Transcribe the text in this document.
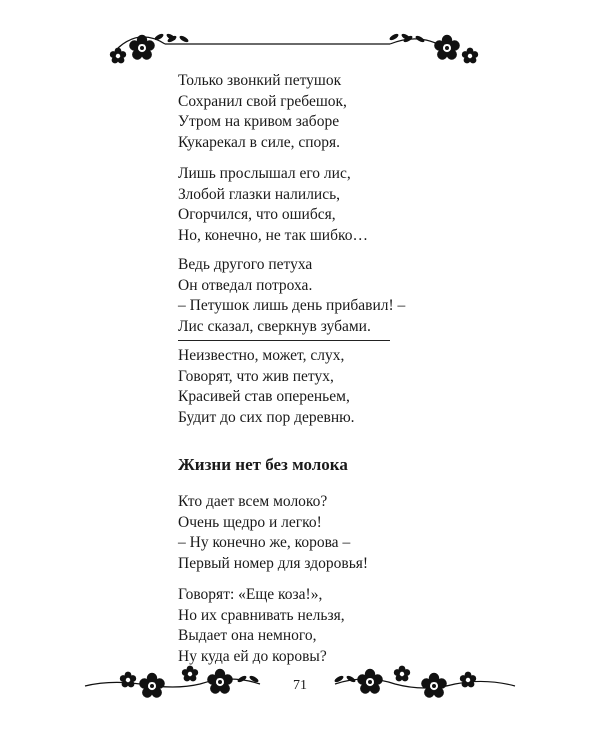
Только звонкий петушок
Сохранил свой гребешок,
Утром на кривом заборе
Кукарекал в силе, споря.
Лишь прослышал его лис,
Злобой глазки налились,
Огорчился, что ошибся,
Но, конечно, не так шибко…
Ведь другого петуха
Он отведал потроха.
– Петушок лишь день прибавил! –
Лис сказал, сверкнув зубами.
Неизвестно, может, слух,
Говорят, что жив петух,
Красивей став опереньем,
Будит до сих пор деревню.
Жизни нет без молока
Кто дает всем молоко?
Очень щедро и легко!
– Ну конечно же, корова –
Первый номер для здоровья!
Говорят: «Еще коза!»,
Но их сравнивать нельзя,
Выдает она немного,
Ну куда ей до коровы?
71
